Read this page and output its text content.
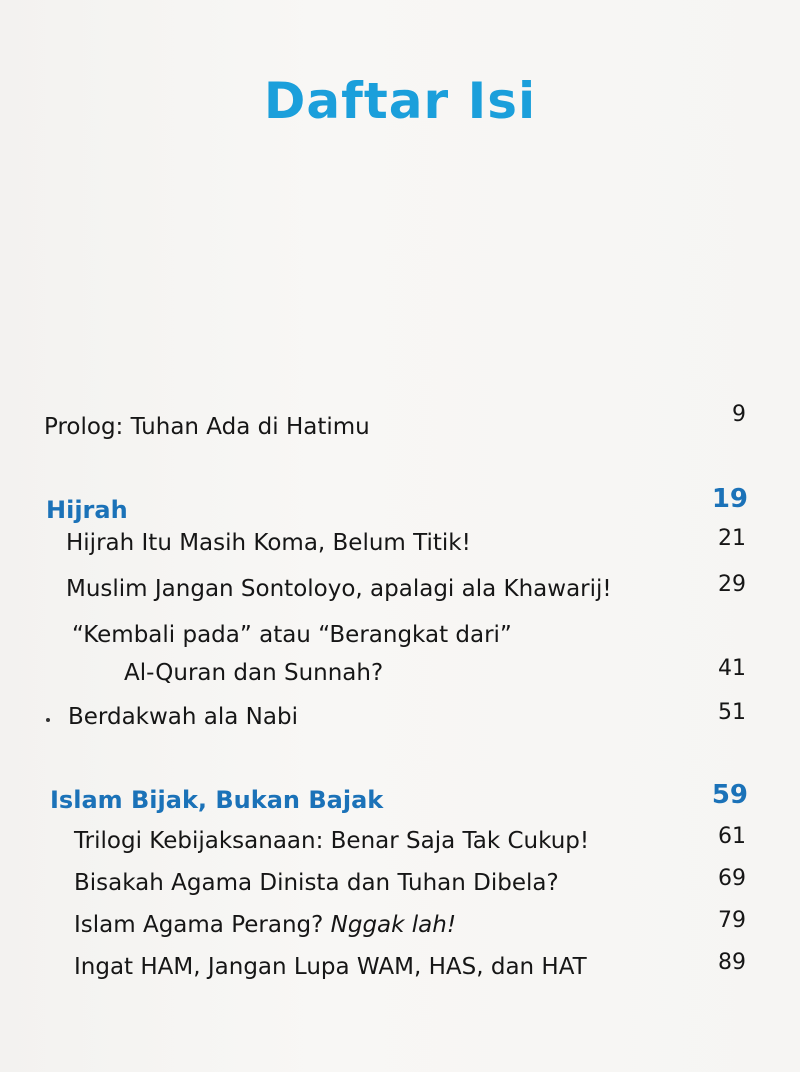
Daftar Isi
Prolog: Tuhan Ada di Hatimu	9
Hijrah	19
Hijrah Itu Masih Koma, Belum Titik!	21
Muslim Jangan Sontoloyo, apalagi ala Khawarij!	29
“Kembali pada” atau “Berangkat dari”
Al-Quran dan Sunnah?	41
Berdakwah ala Nabi	51
Islam Bijak, Bukan Bajak	59
Trilogi Kebijaksanaan: Benar Saja Tak Cukup!	61
Bisakah Agama Dinista dan Tuhan Dibela?	69
Islam Agama Perang? Nggak lah!	79
Ingat HAM, Jangan Lupa WAM, HAS, dan HAT	89
